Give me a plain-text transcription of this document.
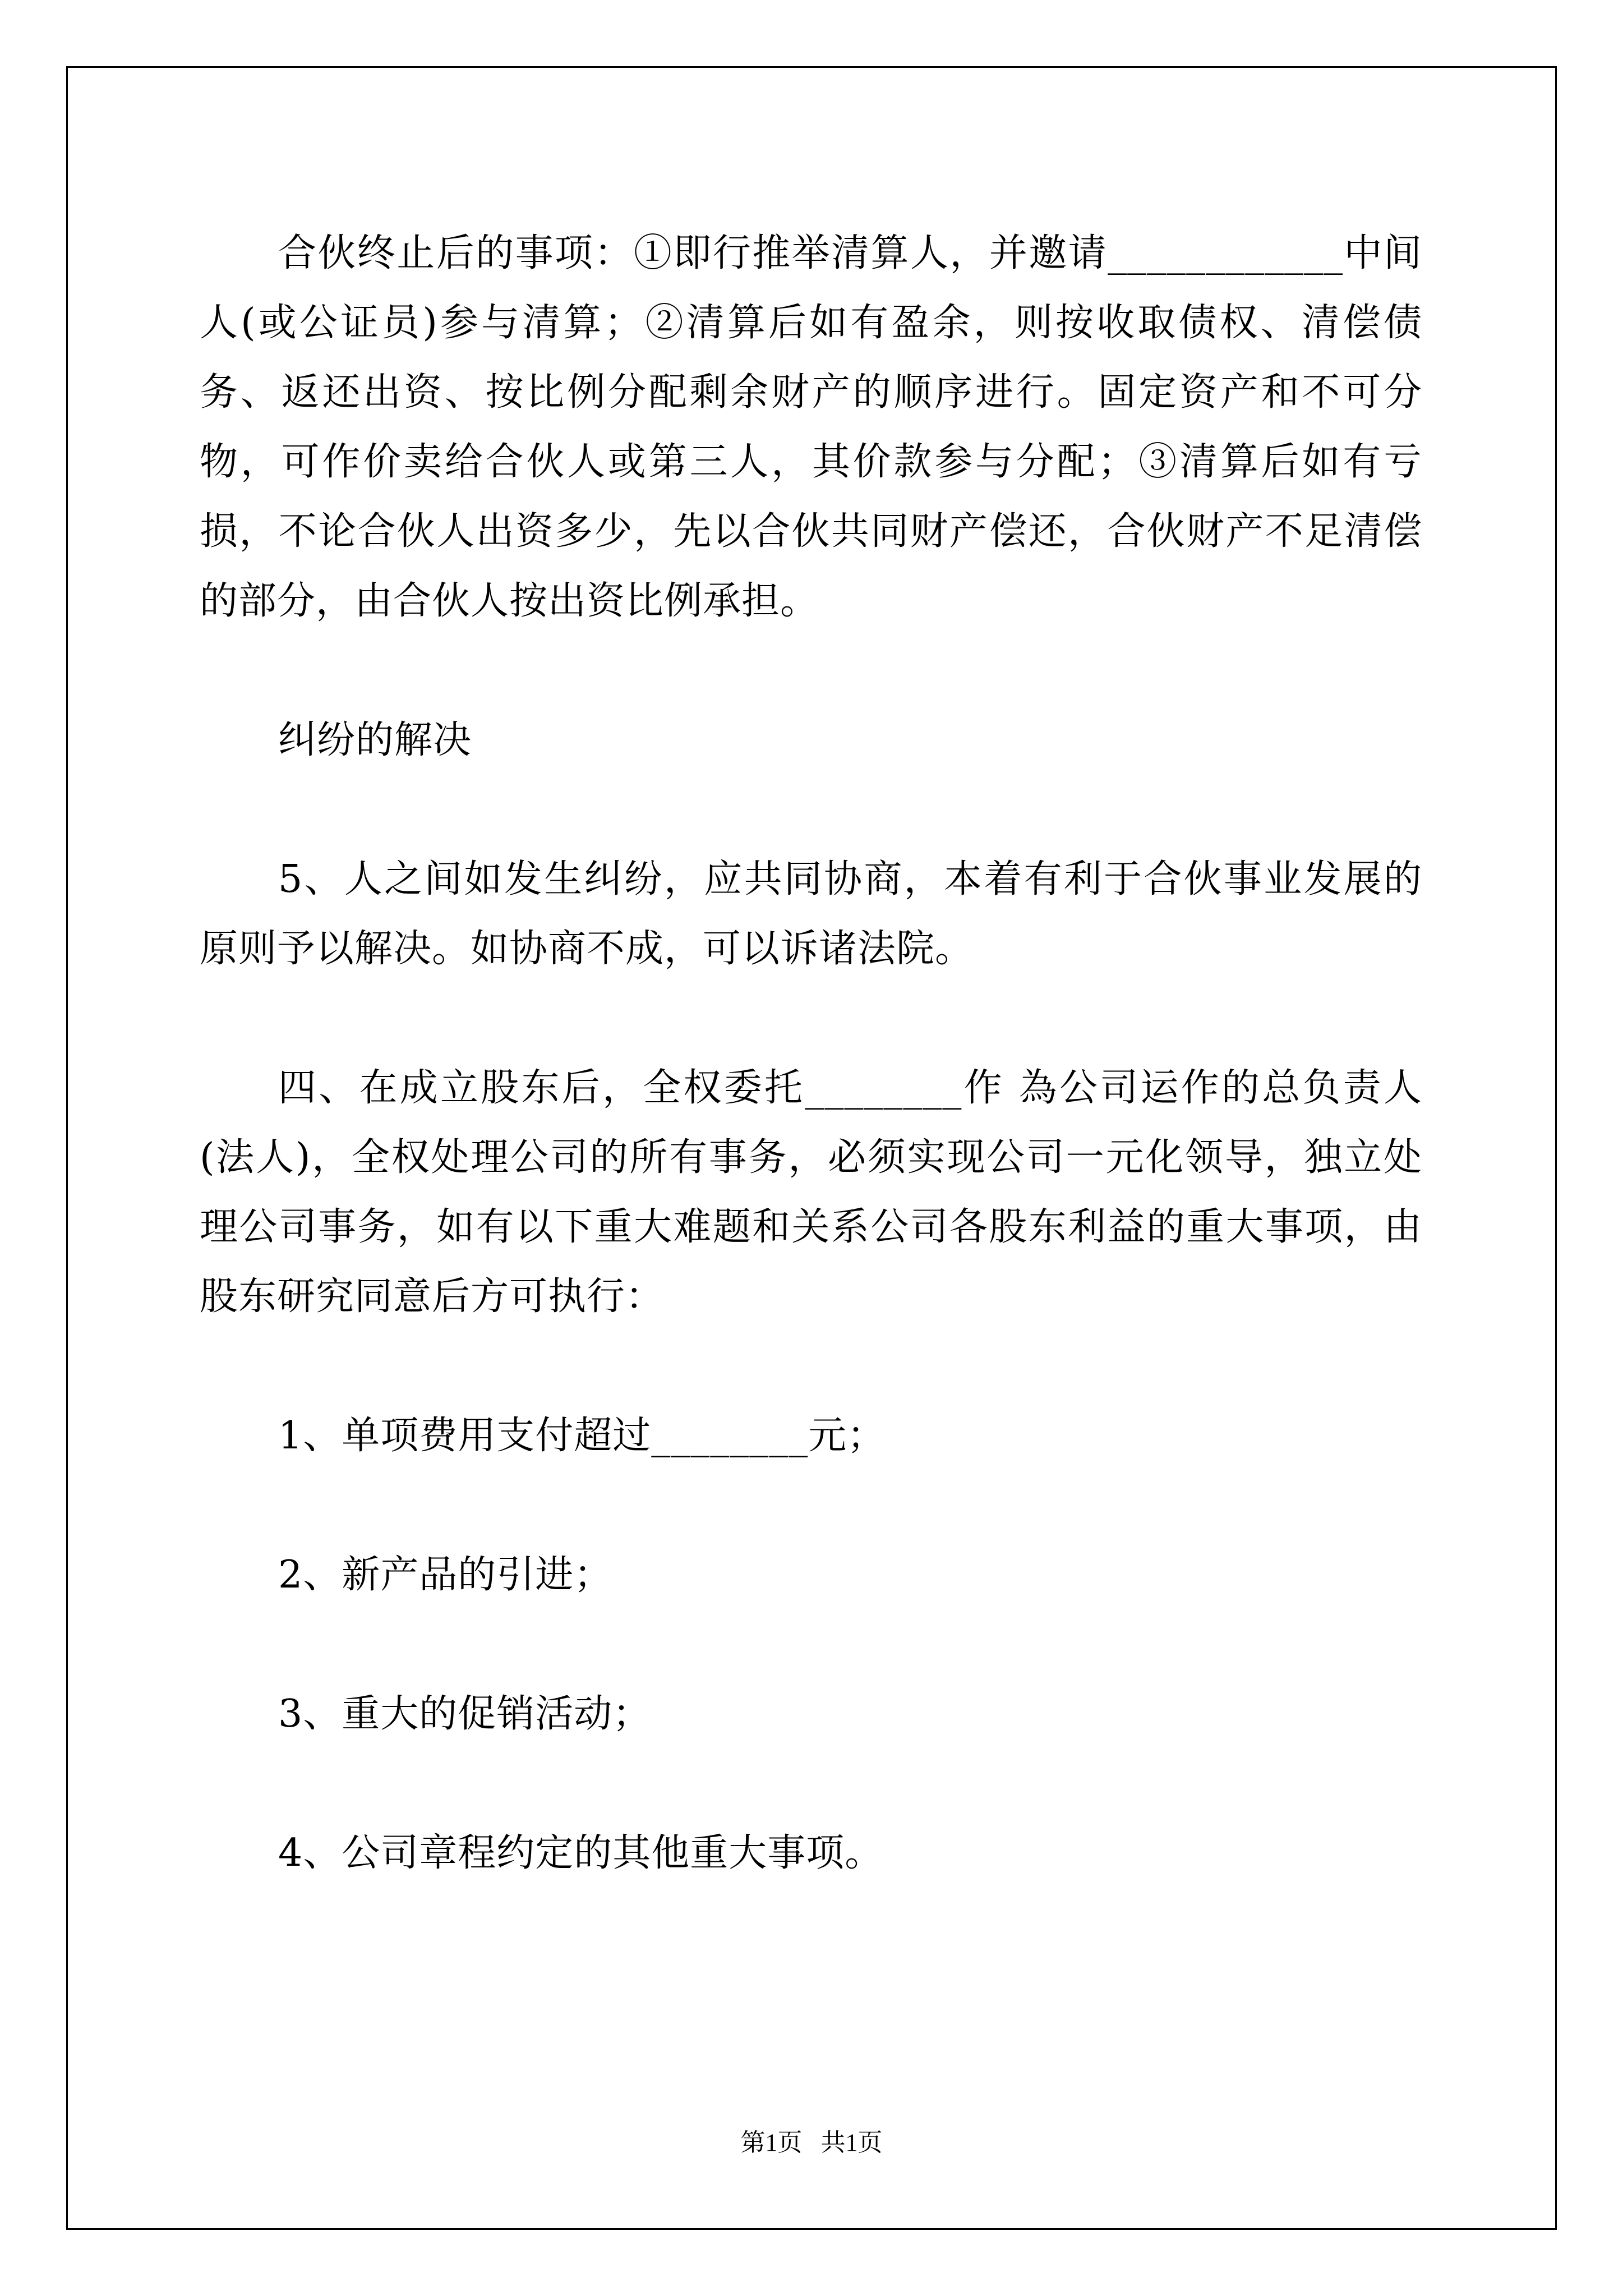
合伙终止后的事项：①即行推举清算人，并邀请____________中间人(或公证员)参与清算；②清算后如有盈余，则按收取债权、清偿债务、返还出资、按比例分配剩余财产的顺序进行。固定资产和不可分物，可作价卖给合伙人或第三人，其价款参与分配；③清算后如有亏损，不论合伙人出资多少，先以合伙共同财产偿还，合伙财产不足清偿的部分，由合伙人按出资比例承担。

纠纷的解决

5、人之间如发生纠纷，应共同协商，本着有利于合伙事业发展的原则予以解决。如协商不成，可以诉诸法院。

四、在成立股东后，全权委托________作 為公司运作的总负责人(法人)，全权处理公司的所有事务，必须实现公司一元化领导，独立处理公司事务，如有以下重大难题和关系公司各股东利益的重大事项，由股东研究同意后方可执行：

1、单项费用支付超过________元；

2、新产品的引进；

3、重大的促销活动；

4、公司章程约定的其他重大事项。

第1页   共1页
